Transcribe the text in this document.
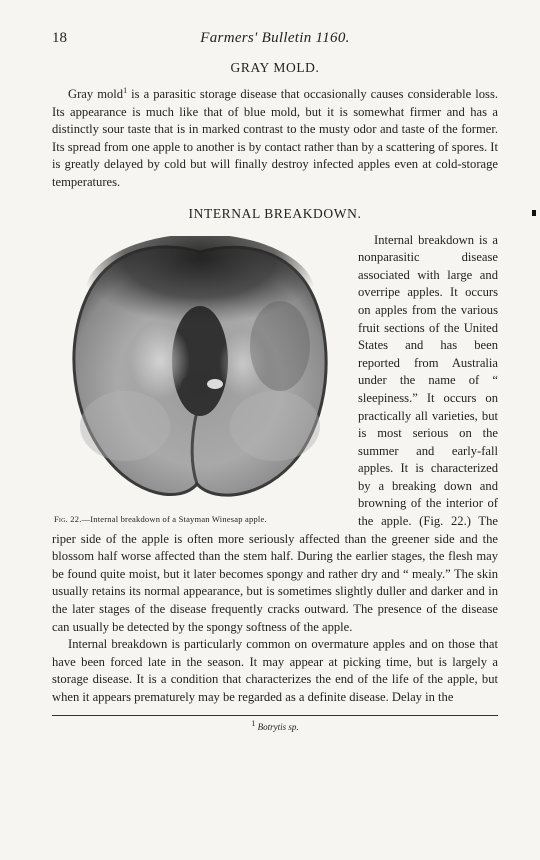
18	Farmers' Bulletin 1160.
GRAY MOLD.

Gray mold$^1$ is a parasitic storage disease that occasionally causes considerable loss. Its appearance is much like that of blue mold, but it is somewhat firmer and has a distinctly sour taste that is in marked contrast to the musty odor and taste of the former. Its spread from one apple to another is by contact rather than by a scattering of spores. It is greatly delayed by cold but will finally destroy infected apples even at cold-storage temperatures.

INTERNAL BREAKDOWN.
Fig. 22.—Internal breakdown of a Stayman Winesap apple.

Internal breakdown is a nonparasitic disease associated with large and overripe apples. It occurs on apples from the various fruit sections of the United States and has been reported from Australia under the name of “ sleepiness.” It occurs on practically all varieties, but is most serious on the summer and early-fall apples. It is characterized by a breaking down and browning of the interior of the apple. (Fig. 22.) The riper side of the apple is often more seriously affected than the greener side and the blossom half worse affected than the stem half. During the earlier stages, the flesh may be found quite moist, but it later becomes spongy and rather dry and “ mealy.” The skin usually retains its normal appearance, but is sometimes slightly duller and darker and in the later stages of the disease frequently cracks outward. The presence of the disease can usually be detected by the spongy softness of the apple.

Internal breakdown is particularly common on overmature apples and on those that have been forced late in the season. It may appear at picking time, but is largely a storage disease. It is a condition that characterizes the end of the life of the apple, but when it appears prematurely may be regarded as a definite disease. Delay in the

$^1$ Botrytis sp.
